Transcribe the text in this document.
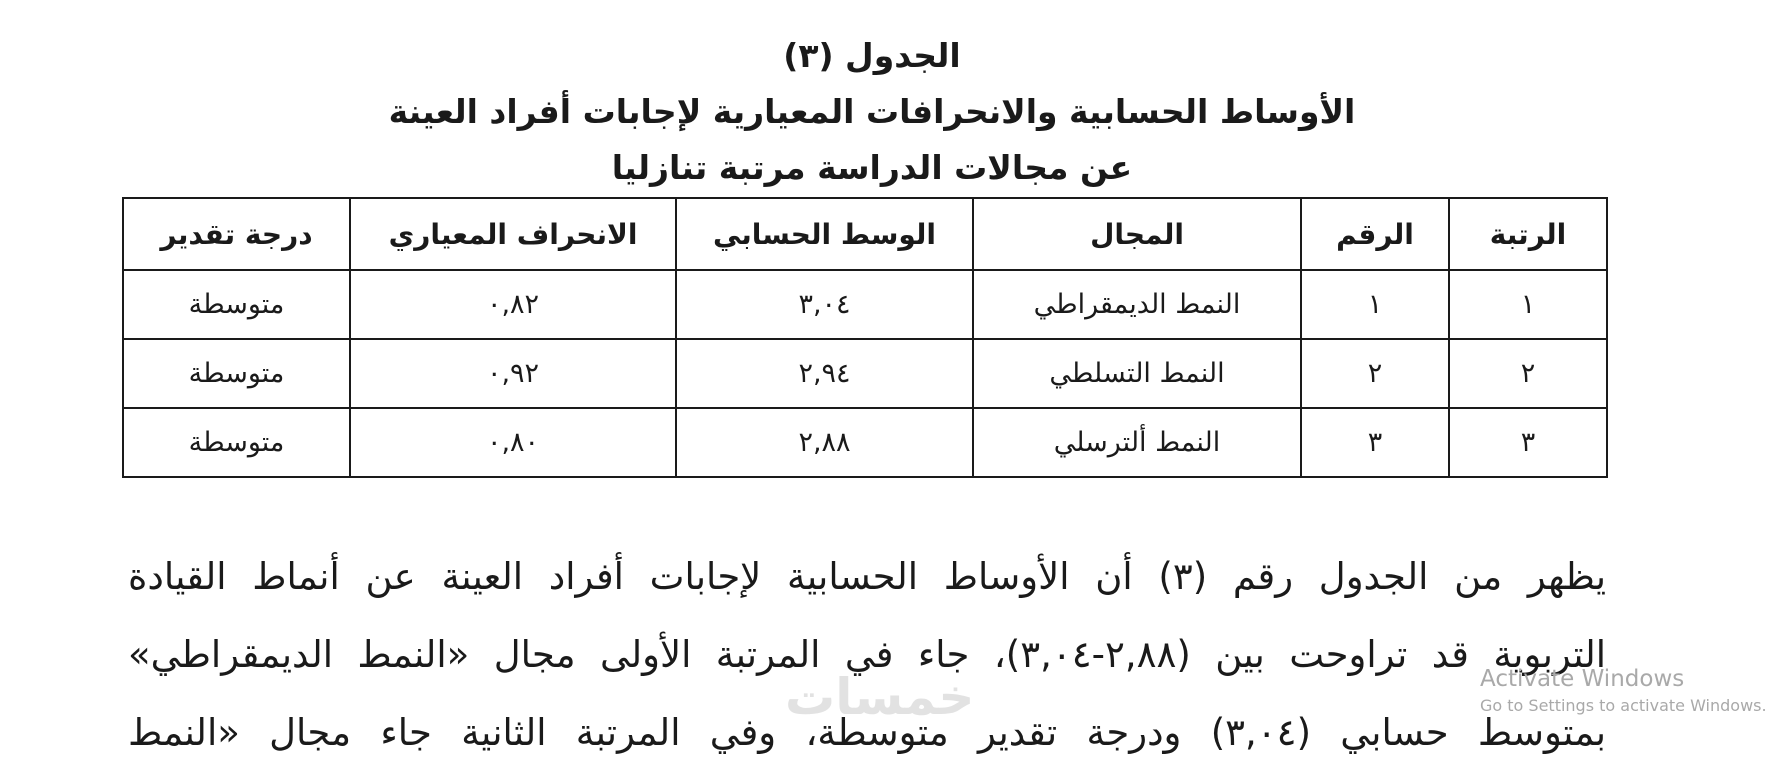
الجدول (٣)
الأوساط الحسابية والانحرافات المعيارية لإجابات أفراد العينة
عن مجالات الدراسة مرتبة تنازليا
الرتبة	الرقم	المجال	الوسط الحسابي	الانحراف المعياري	درجة تقدير
١	١	النمط الديمقراطي	٣,٠٤	٠,٨٢	متوسطة
٢	٢	النمط التسلطي	٢,٩٤	٠,٩٢	متوسطة
٣	٣	النمط ألترسلي	٢,٨٨	٠,٨٠	متوسطة

يظهر من الجدول رقم (٣) أن الأوساط الحسابية لإجابات أفراد العينة عن أنماط القيادة

التربوية قد تراوحت بين (٢,٨٨-٣,٠٤)، جاء في المرتبة الأولى مجال «النمط الديمقراطي»

بمتوسط حسابي (٣,٠٤) ودرجة تقدير متوسطة، وفي المرتبة الثانية جاء مجال «النمط

خمسات	Activate Windows
Go to Settings to activate Windows.
